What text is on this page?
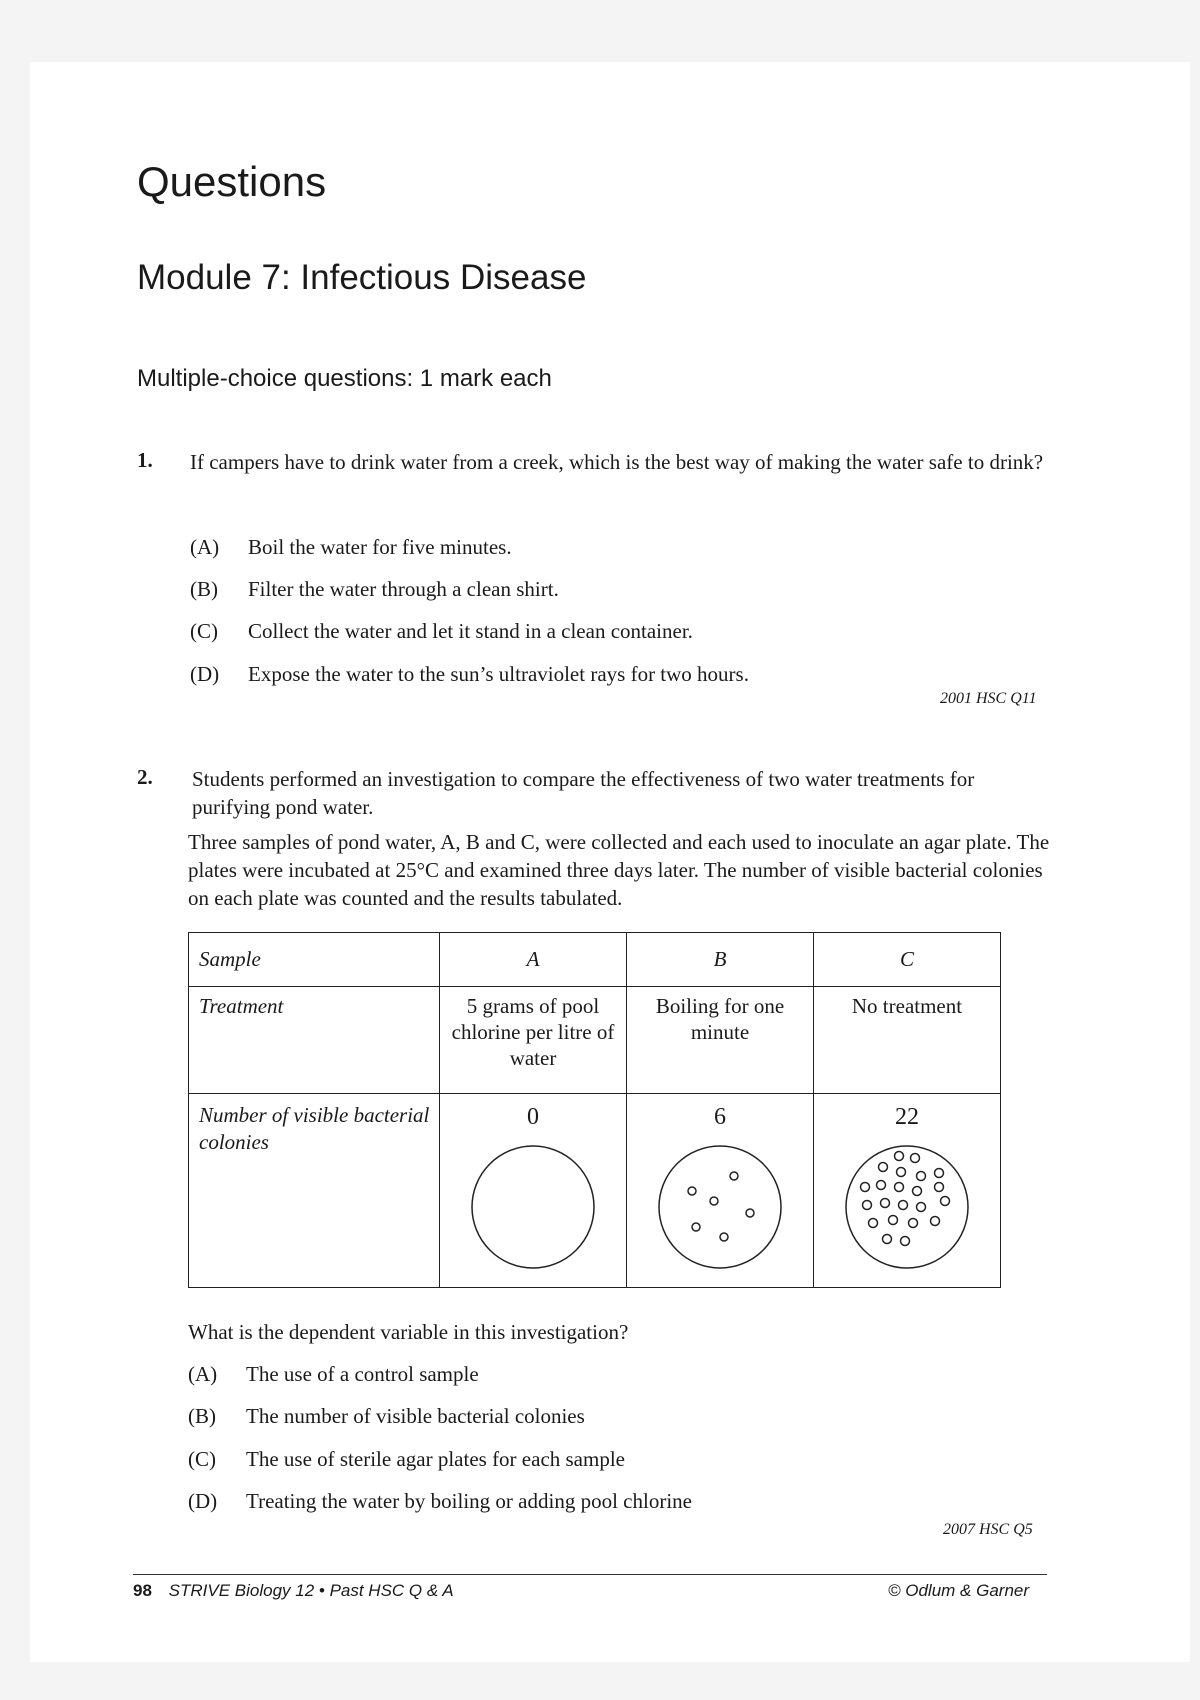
Questions
Module 7: Infectious Disease
Multiple-choice questions: 1 mark each
1. If campers have to drink water from a creek, which is the best way of making the water safe to drink?
(A) Boil the water for five minutes.
(B) Filter the water through a clean shirt.
(C) Collect the water and let it stand in a clean container.
(D) Expose the water to the sun’s ultraviolet rays for two hours.
2001 HSC Q11
2. Students performed an investigation to compare the effectiveness of two water treatments for purifying pond water.
Three samples of pond water, A, B and C, were collected and each used to inoculate an agar plate. The plates were incubated at 25°C and examined three days later. The number of visible bacterial colonies on each plate was counted and the results tabulated.
Sample	A	B	C
Treatment	5 grams of pool chlorine per litre of water	Boiling for one minute	No treatment
Number of visible bacterial colonies	0	6	22
What is the dependent variable in this investigation?
(A) The use of a control sample
(B) The number of visible bacterial colonies
(C) The use of sterile agar plates for each sample
(D) Treating the water by boiling or adding pool chlorine
2007 HSC Q5
98 STRIVE Biology 12 • Past HSC Q & A	© Odlum & Garner
